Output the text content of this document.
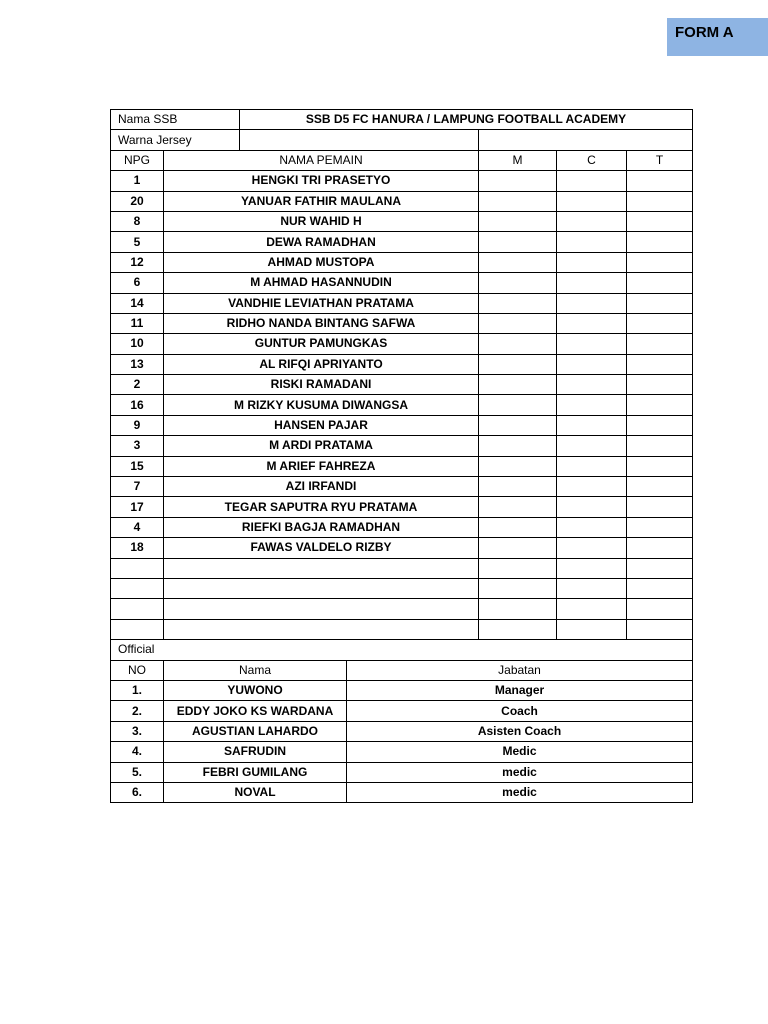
FORM A
Nama SSB	SSB D5 FC HANURA / LAMPUNG FOOTBALL ACADEMY	
Warna Jersey		
NPG	NAMA PEMAIN	M	C	T
1	HENGKI TRI PRASETYO			
20	YANUAR FATHIR MAULANA			
8	NUR WAHID H			
5	DEWA RAMADHAN			
12	AHMAD MUSTOPA			
6	M AHMAD HASANNUDIN			
14	VANDHIE LEVIATHAN PRATAMA			
11	RIDHO NANDA BINTANG SAFWA			
10	GUNTUR PAMUNGKAS			
13	AL RIFQI APRIYANTO			
2	RISKI RAMADANI			
16	M RIZKY KUSUMA DIWANGSA			
9	HANSEN PAJAR			
3	M ARDI PRATAMA			
15	M ARIEF FAHREZA			
7	AZI IRFANDI			
17	TEGAR SAPUTRA RYU PRATAMA			
4	RIEFKI BAGJA RAMADHAN			
18	FAWAS VALDELO RIZBY			

Official		
NO	Nama	Jabatan
1.	YUWONO	Manager
2.	EDDY JOKO KS WARDANA	Coach
3.	AGUSTIAN LAHARDO	Asisten Coach
4.	SAFRUDIN	Medic
5.	FEBRI GUMILANG	medic
6.	NOVAL	medic
